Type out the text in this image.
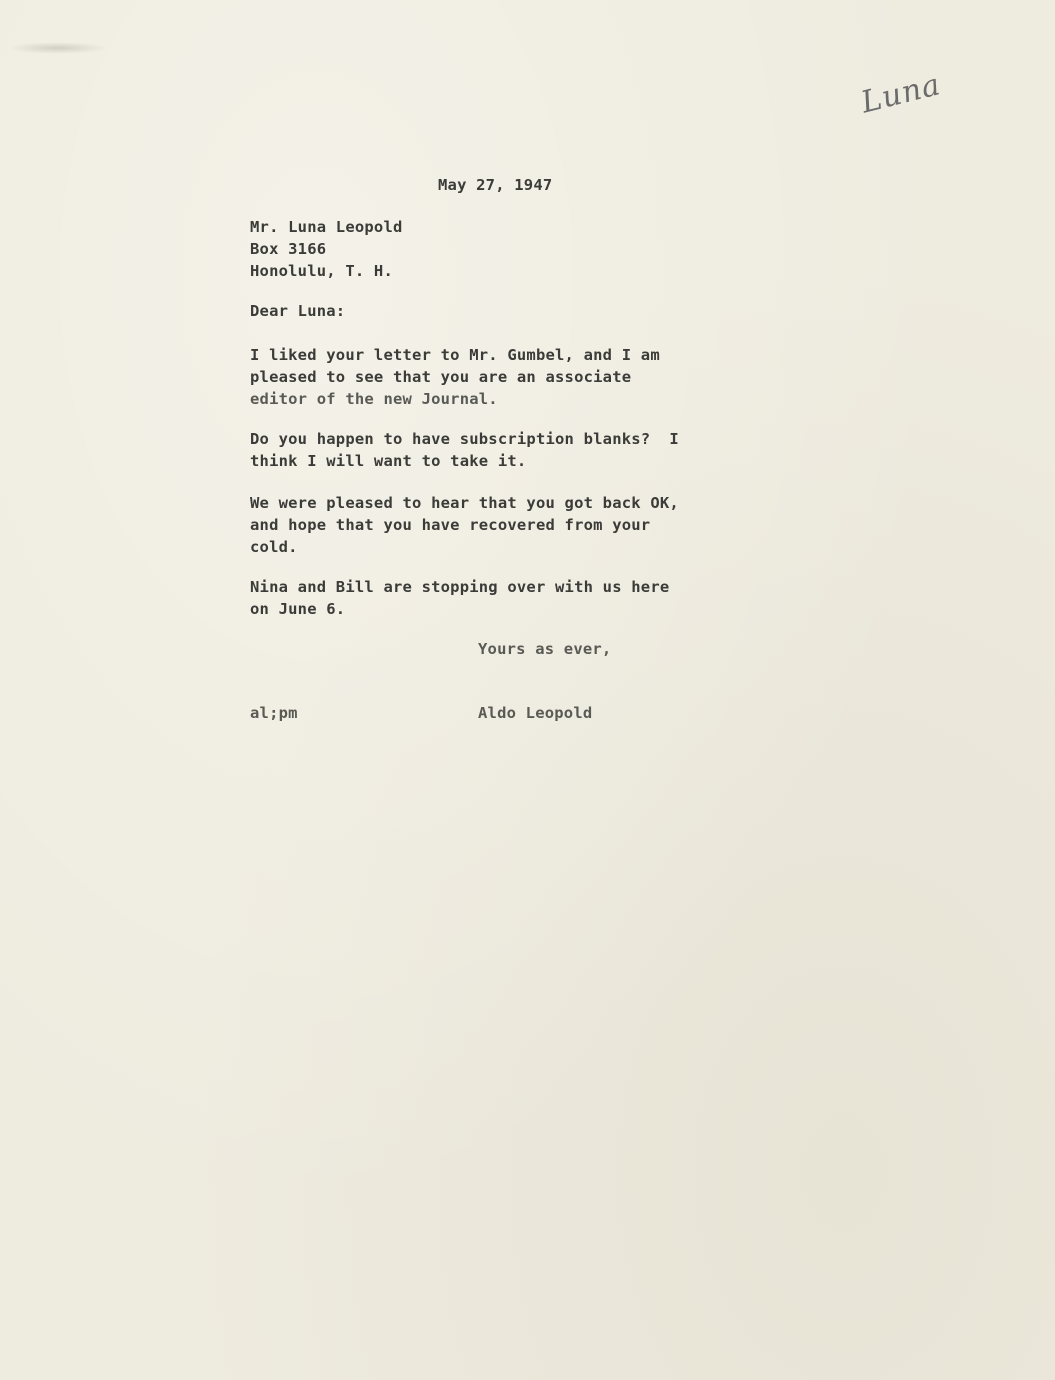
Luna
May 27, 1947
Mr. Luna Leopold
Box 3166
Honolulu, T. H.
Dear Luna:
I liked your letter to Mr. Gumbel, and I am
pleased to see that you are an associate
editor of the new Journal.
Do you happen to have subscription blanks?  I
think I will want to take it.
We were pleased to hear that you got back OK,
and hope that you have recovered from your
cold.
Nina and Bill are stopping over with us here
on June 6.
Yours as ever,
al;pm	Aldo Leopold
